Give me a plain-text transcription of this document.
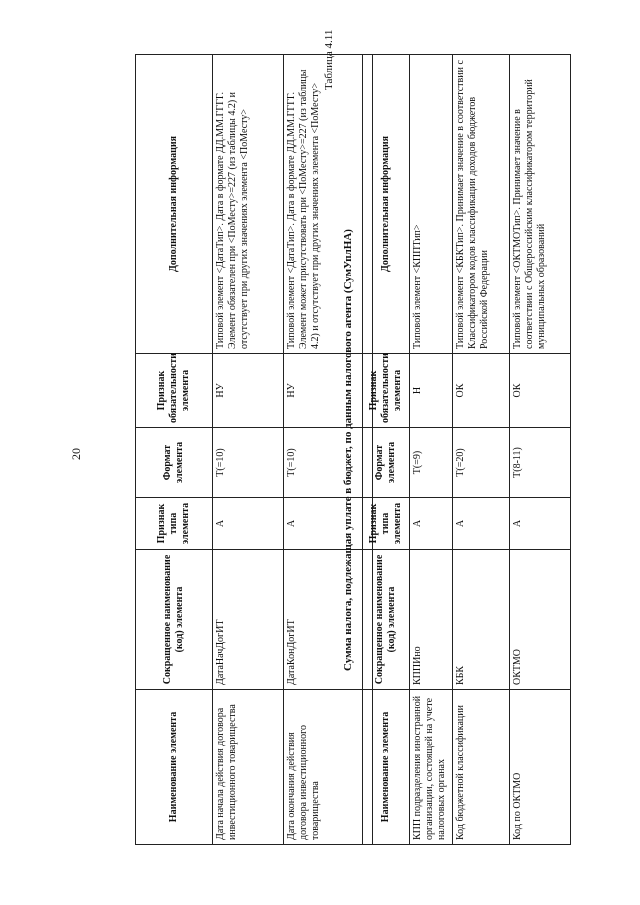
20
Наименование элемента	Сокращенное наименование (код) элемента	Признак типа элемента	Формат элемента	Признак обязательности элемента	Дополнительная информация
Дата начала действия договора инвестиционного товарищества	ДатаНачДогИТ	А	T(=10)	НУ	Типовой элемент <ДатаТип>. Дата в формате ДД.ММ.ГГГГ. Элемент обязателен при <ПоМесту>=227 (из таблицы 4.2) и отсутствует при других значениях элемента <ПоМесту>
Дата окончания действия договора инвестиционного товарищества	ДатаКонДогИТ	А	T(=10)	НУ	Типовой элемент <ДатаТип>. Дата в формате ДД.ММ.ГГГГ. Элемент может присутствовать при <ПоМесту>=227 (из таблицы 4.2) и отсутствует при других значениях элемента <ПоМесту>
Таблица 4.11
Сумма налога, подлежащая уплате в бюджет, по данным налогового агента (СумУплНА)
Наименование элемента	Сокращенное наименование (код) элемента	Признак типа элемента	Формат элемента	Признак обязательности элемента	Дополнительная информация
КПП подразделения иностранной организации, состоящей на учете налоговых органах	КППИно	А	T(=9)	Н	Типовой элемент <КППТип>
Код бюджетной классификации	КБК	А	T(=20)	ОК	Типовой элемент <КБКТип>. Принимает значение в соответствии с Классификатором кодов классификации доходов бюджетов Российской Федерации
Код по ОКТМО	ОКТМО	А	T(8-11)	ОК	Типовой элемент <ОКТМОТип>. Принимает значение в соответствии с Общероссийским классификатором территорий муниципальных образований
